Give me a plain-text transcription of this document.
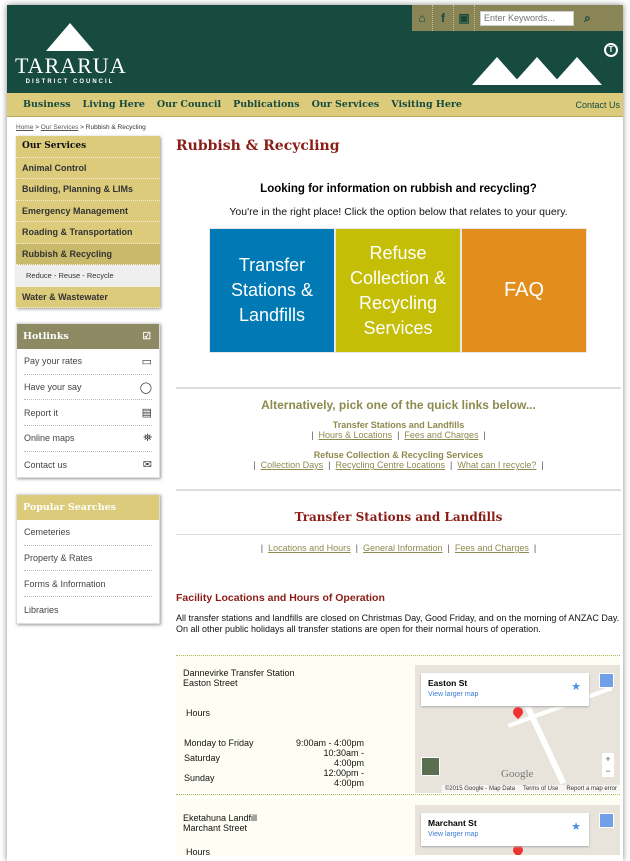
TARARUA
DISTRICT COUNCIL
⌂	f	▣
Enter Keywords...	⌕
T
Business Living Here Our Council Publications Our Services Visiting Here	Contact Us
Home > Our Services > Rubbish & Recycling
Our Services
Animal Control
Building, Planning & LIMs
Emergency Management
Roading & Transportation
Rubbish & Recycling
Reduce - Reuse - Recycle
Water & Wastewater
Hotlinks	☑
Pay your rates	▭
Have your say	◯
Report it	▤
Online maps	⛯
Contact us	✉
Popular Searches
Cemeteries
Property & Rates
Forms & Information
Libraries
Rubbish & Recycling
Looking for information on rubbish and recycling?
You're in the right place! Click the option below that relates to your query.
Transfer Stations & Landfills
Refuse Collection & Recycling Services
FAQ
Alternatively, pick one of the quick links below...
Transfer Stations and Landfills
| Hours & Locations | Fees and Charges |
Refuse Collection & Recycling Services
| Collection Days | Recycling Centre Locations | What can I recycle? |
Transfer Stations and Landfills
| Locations and Hours | General Information | Fees and Charges |
Facility Locations and Hours of Operation
All transfer stations and landfills are closed on Christmas Day, Good Friday, and on the morning of ANZAC Day. On all other public holidays all transfer stations are open for their normal hours of operation.
Dannevirke Transfer Station
Easton Street
Hours
Monday to Friday	9:00am - 4:00pm
Saturday	10:30am - 4:00pm
Sunday	12:00pm - 4:00pm
Easton St
View larger map
★
+
−
Google
©2015 Google - Map Data Terms of Use Report a map error
Eketahuna Landfill
Marchant Street
Hours
Marchant St
View larger map
★
